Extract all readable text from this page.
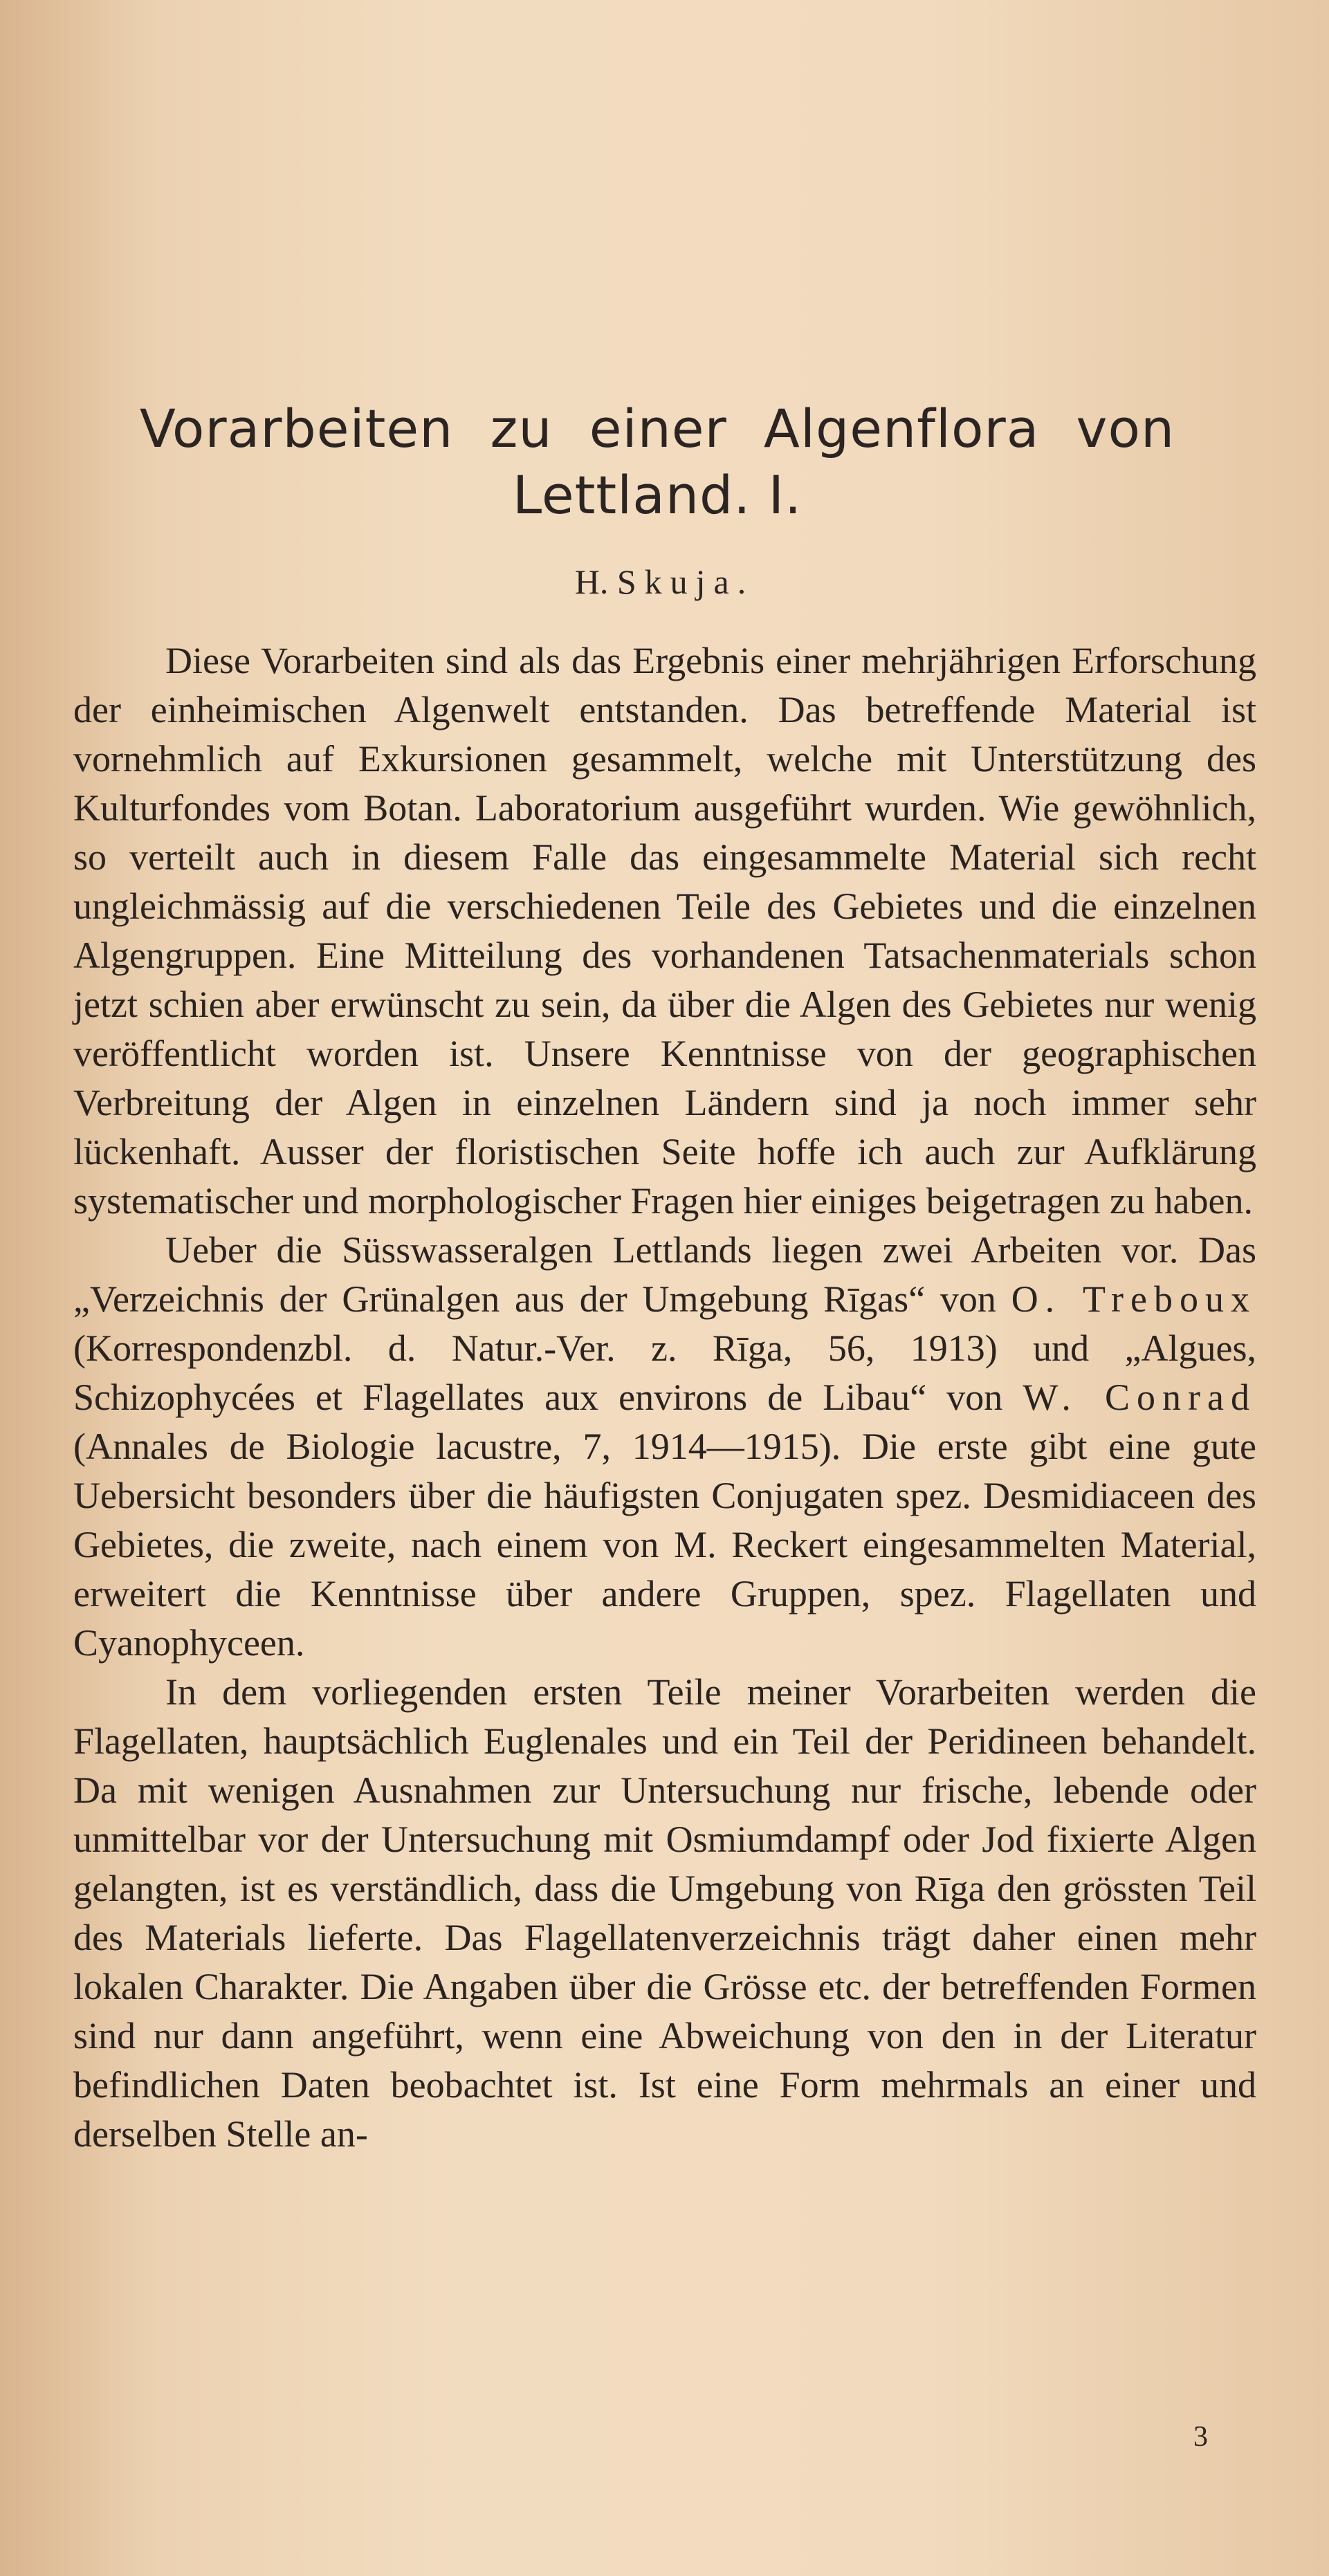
Vorarbeiten zu einer Algenflora von
Lettland. I.
H. Skuja.

Diese Vorarbeiten sind als das Ergebnis einer mehrjährigen Erforschung der einheimischen Algenwelt entstanden. Das betreffende Material ist vornehmlich auf Exkursionen gesammelt, welche mit Unterstützung des Kulturfondes vom Botan. Laboratorium ausgeführt wurden. Wie gewöhnlich, so verteilt auch in diesem Falle das eingesammelte Material sich recht ungleichmässig auf die verschiedenen Teile des Gebietes und die einzelnen Algengruppen. Eine Mitteilung des vorhandenen Tatsachenmaterials schon jetzt schien aber erwünscht zu sein, da über die Algen des Gebietes nur wenig veröffentlicht worden ist. Unsere Kenntnisse von der geographischen Verbreitung der Algen in einzelnen Ländern sind ja noch immer sehr lückenhaft. Ausser der floristischen Seite hoffe ich auch zur Aufklärung systematischer und morphologischer Fragen hier einiges beigetragen zu haben.

Ueber die Süsswasseralgen Lettlands liegen zwei Arbeiten vor. Das „Verzeichnis der Grünalgen aus der Umgebung Rīgas“ von O. Treboux (Korrespondenzbl. d. Natur.-Ver. z. Rīga, 56, 1913) und „Algues, Schizophycées et Flagellates aux environs de Libau“ von W. Conrad (Annales de Biologie lacustre, 7, 1914—1915). Die erste gibt eine gute Uebersicht besonders über die häufigsten Conjugaten spez. Desmidiaceen des Gebietes, die zweite, nach einem von M. Reckert eingesammelten Material, erweitert die Kenntnisse über andere Gruppen, spez. Flagellaten und Cyanophyceen.

In dem vorliegenden ersten Teile meiner Vorarbeiten werden die Flagellaten, hauptsächlich Euglenales und ein Teil der Peridineen behandelt. Da mit wenigen Ausnahmen zur Untersuchung nur frische, lebende oder unmittelbar vor der Untersuchung mit Osmiumdampf oder Jod fixierte Algen gelangten, ist es verständlich, dass die Umgebung von Rīga den grössten Teil des Materials lieferte. Das Flagellatenverzeichnis trägt daher einen mehr lokalen Charakter. Die Angaben über die Grösse etc. der betreffenden Formen sind nur dann angeführt, wenn eine Abweichung von den in der Literatur befindlichen Daten beobachtet ist. Ist eine Form mehrmals an einer und derselben Stelle an-

3
